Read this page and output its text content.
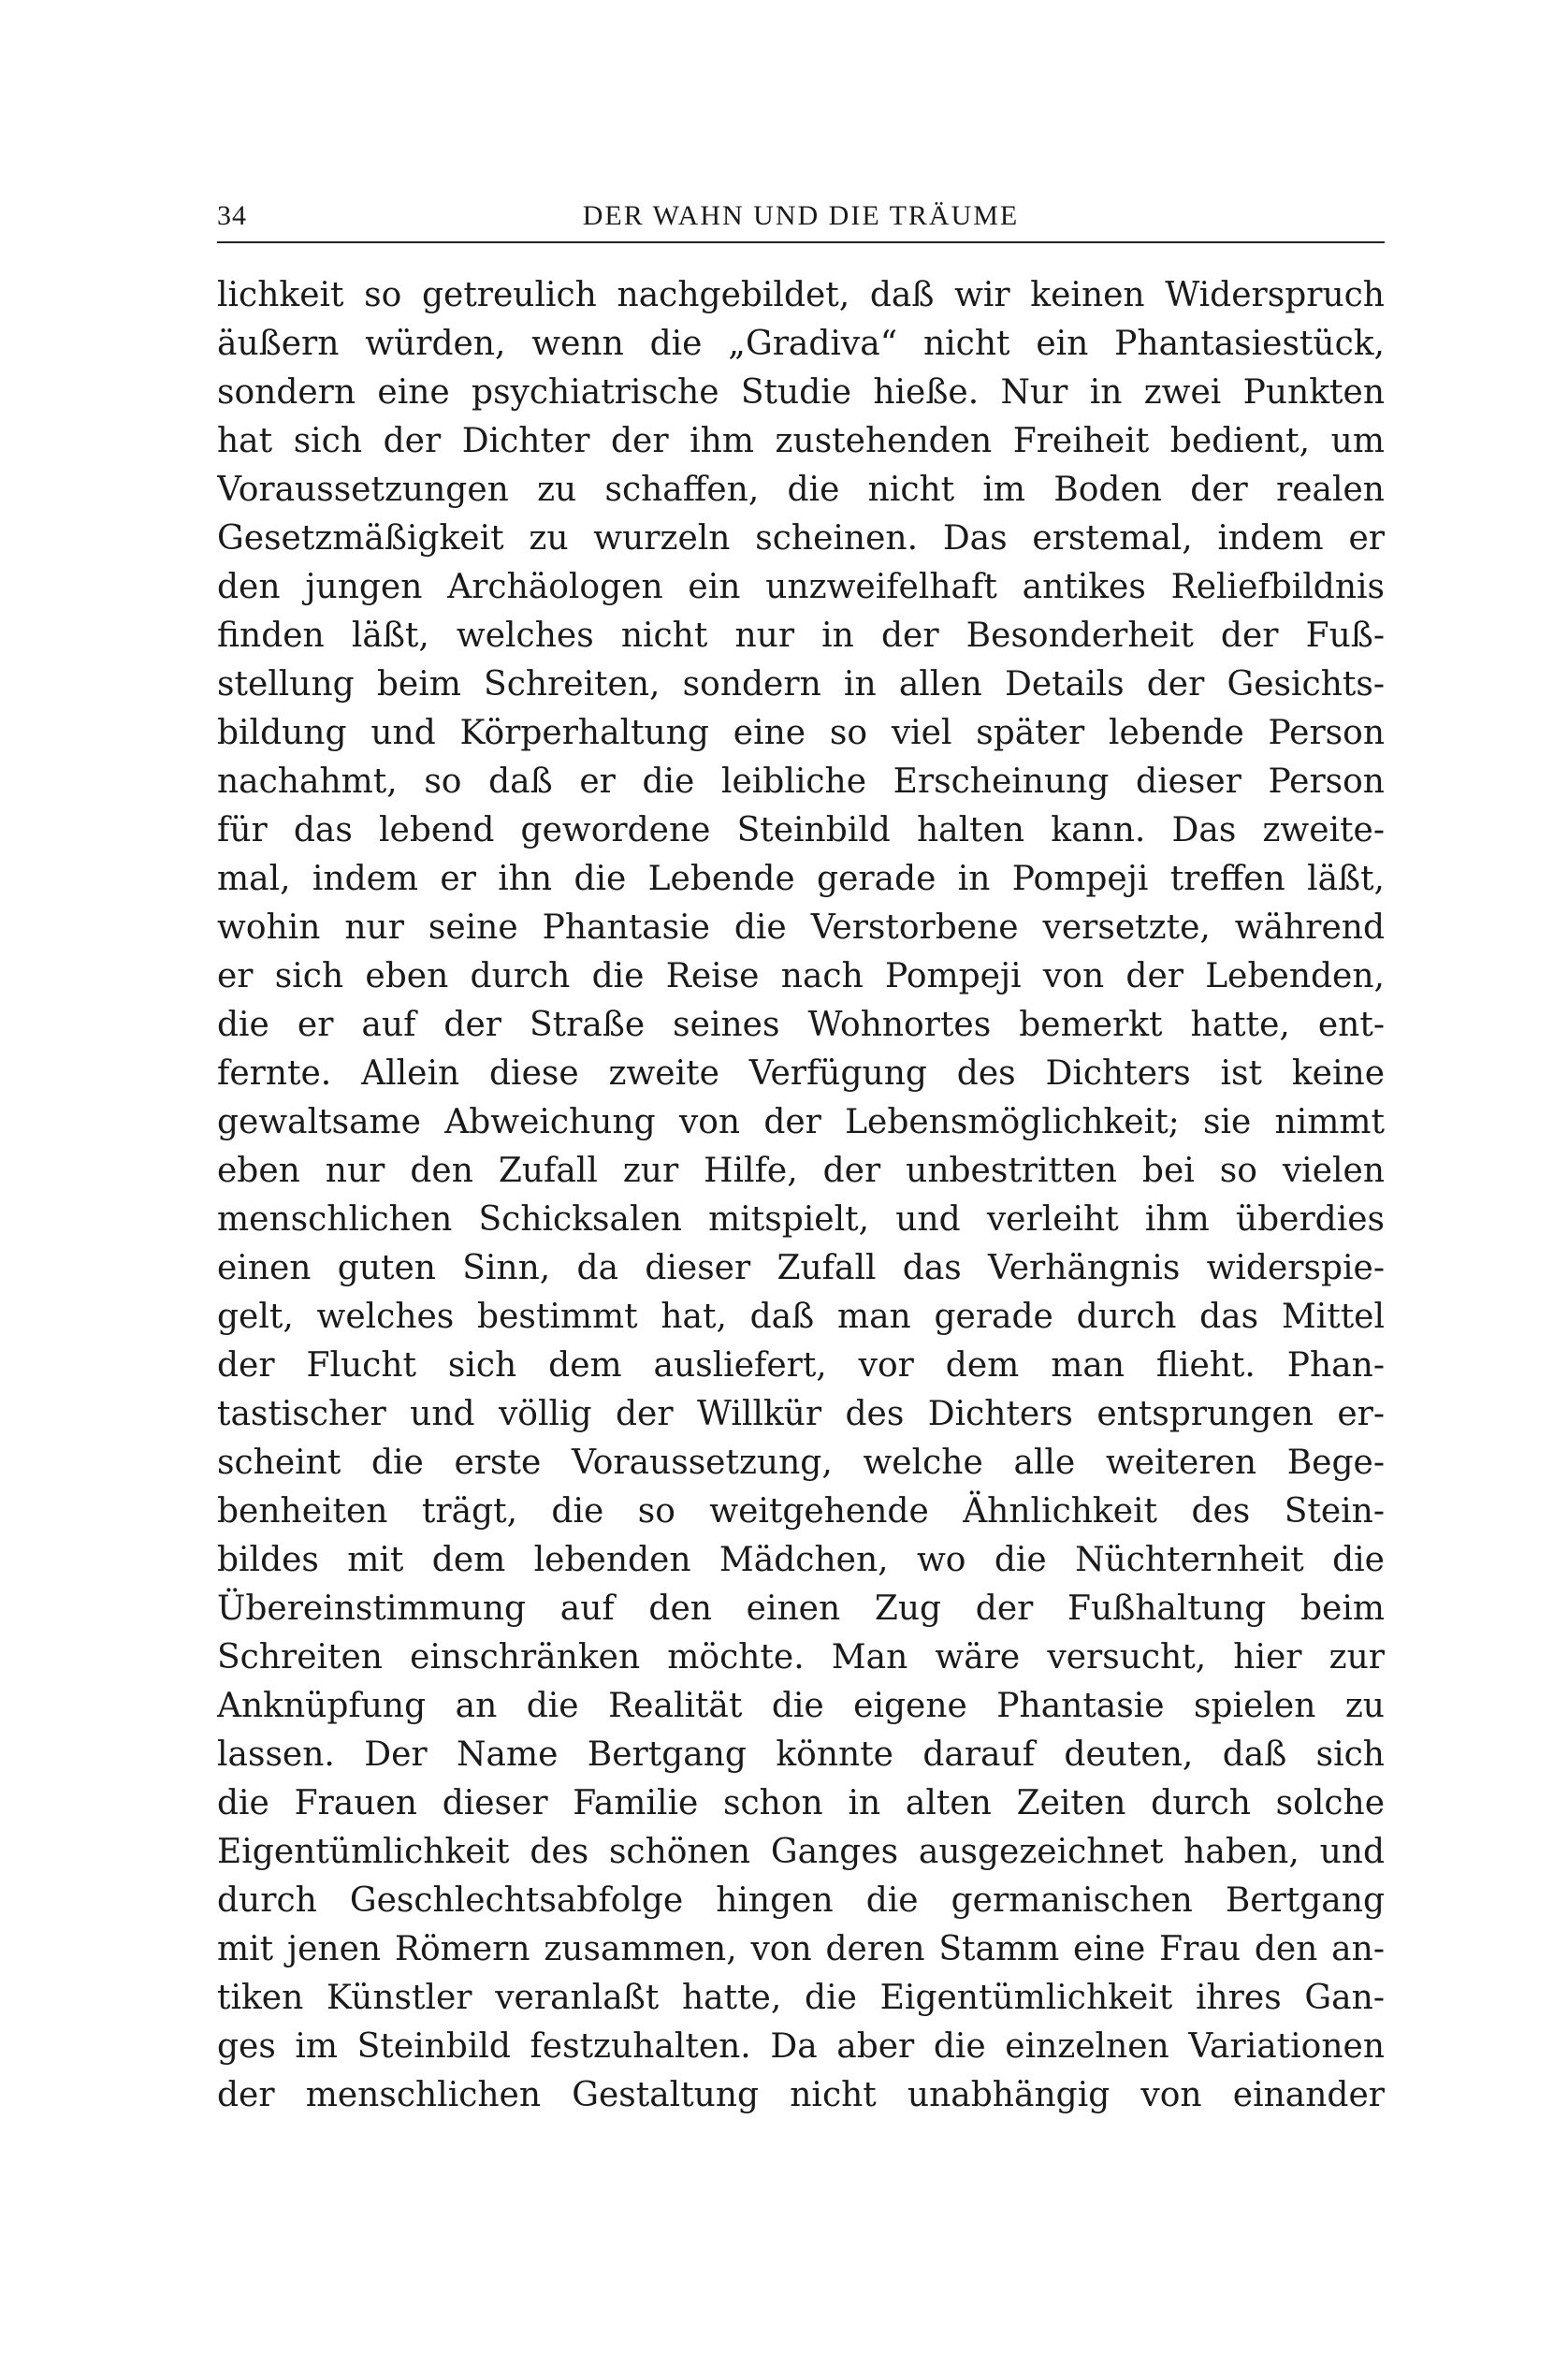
34	DER WAHN UND DIE TRÄUME
lichkeit so getreulich nachgebildet, daß wir keinen Widerspruch
äußern würden, wenn die „Gradiva“ nicht ein Phantasiestück,
sondern eine psychiatrische Studie hieße. Nur in zwei Punkten
hat sich der Dichter der ihm zustehenden Freiheit bedient, um
Voraussetzungen zu schaffen, die nicht im Boden der realen
Gesetzmäßigkeit zu wurzeln scheinen. Das erstemal, indem er
den jungen Archäologen ein unzweifelhaft antikes Reliefbildnis
finden läßt, welches nicht nur in der Besonderheit der Fuß-
stellung beim Schreiten, sondern in allen Details der Gesichts-
bildung und Körperhaltung eine so viel später lebende Person
nachahmt, so daß er die leibliche Erscheinung dieser Person
für das lebend gewordene Steinbild halten kann. Das zweite-
mal, indem er ihn die Lebende gerade in Pompeji treffen läßt,
wohin nur seine Phantasie die Verstorbene versetzte, während
er sich eben durch die Reise nach Pompeji von der Lebenden,
die er auf der Straße seines Wohnortes bemerkt hatte, ent-
fernte. Allein diese zweite Verfügung des Dichters ist keine
gewaltsame Abweichung von der Lebensmöglichkeit; sie nimmt
eben nur den Zufall zur Hilfe, der unbestritten bei so vielen
menschlichen Schicksalen mitspielt, und verleiht ihm überdies
einen guten Sinn, da dieser Zufall das Verhängnis widerspie-
gelt, welches bestimmt hat, daß man gerade durch das Mittel
der Flucht sich dem ausliefert, vor dem man flieht. Phan-
tastischer und völlig der Willkür des Dichters entsprungen er-
scheint die erste Voraussetzung, welche alle weiteren Bege-
benheiten trägt, die so weitgehende Ähnlichkeit des Stein-
bildes mit dem lebenden Mädchen, wo die Nüchternheit die
Übereinstimmung auf den einen Zug der Fußhaltung beim
Schreiten einschränken möchte. Man wäre versucht, hier zur
Anknüpfung an die Realität die eigene Phantasie spielen zu
lassen. Der Name Bertgang könnte darauf deuten, daß sich
die Frauen dieser Familie schon in alten Zeiten durch solche
Eigentümlichkeit des schönen Ganges ausgezeichnet haben, und
durch Geschlechtsabfolge hingen die germanischen Bertgang
mit jenen Römern zusammen, von deren Stamm eine Frau den an-
tiken Künstler veranlaßt hatte, die Eigentümlichkeit ihres Gan-
ges im Steinbild festzuhalten. Da aber die einzelnen Variationen
der menschlichen Gestaltung nicht unabhängig von einander
